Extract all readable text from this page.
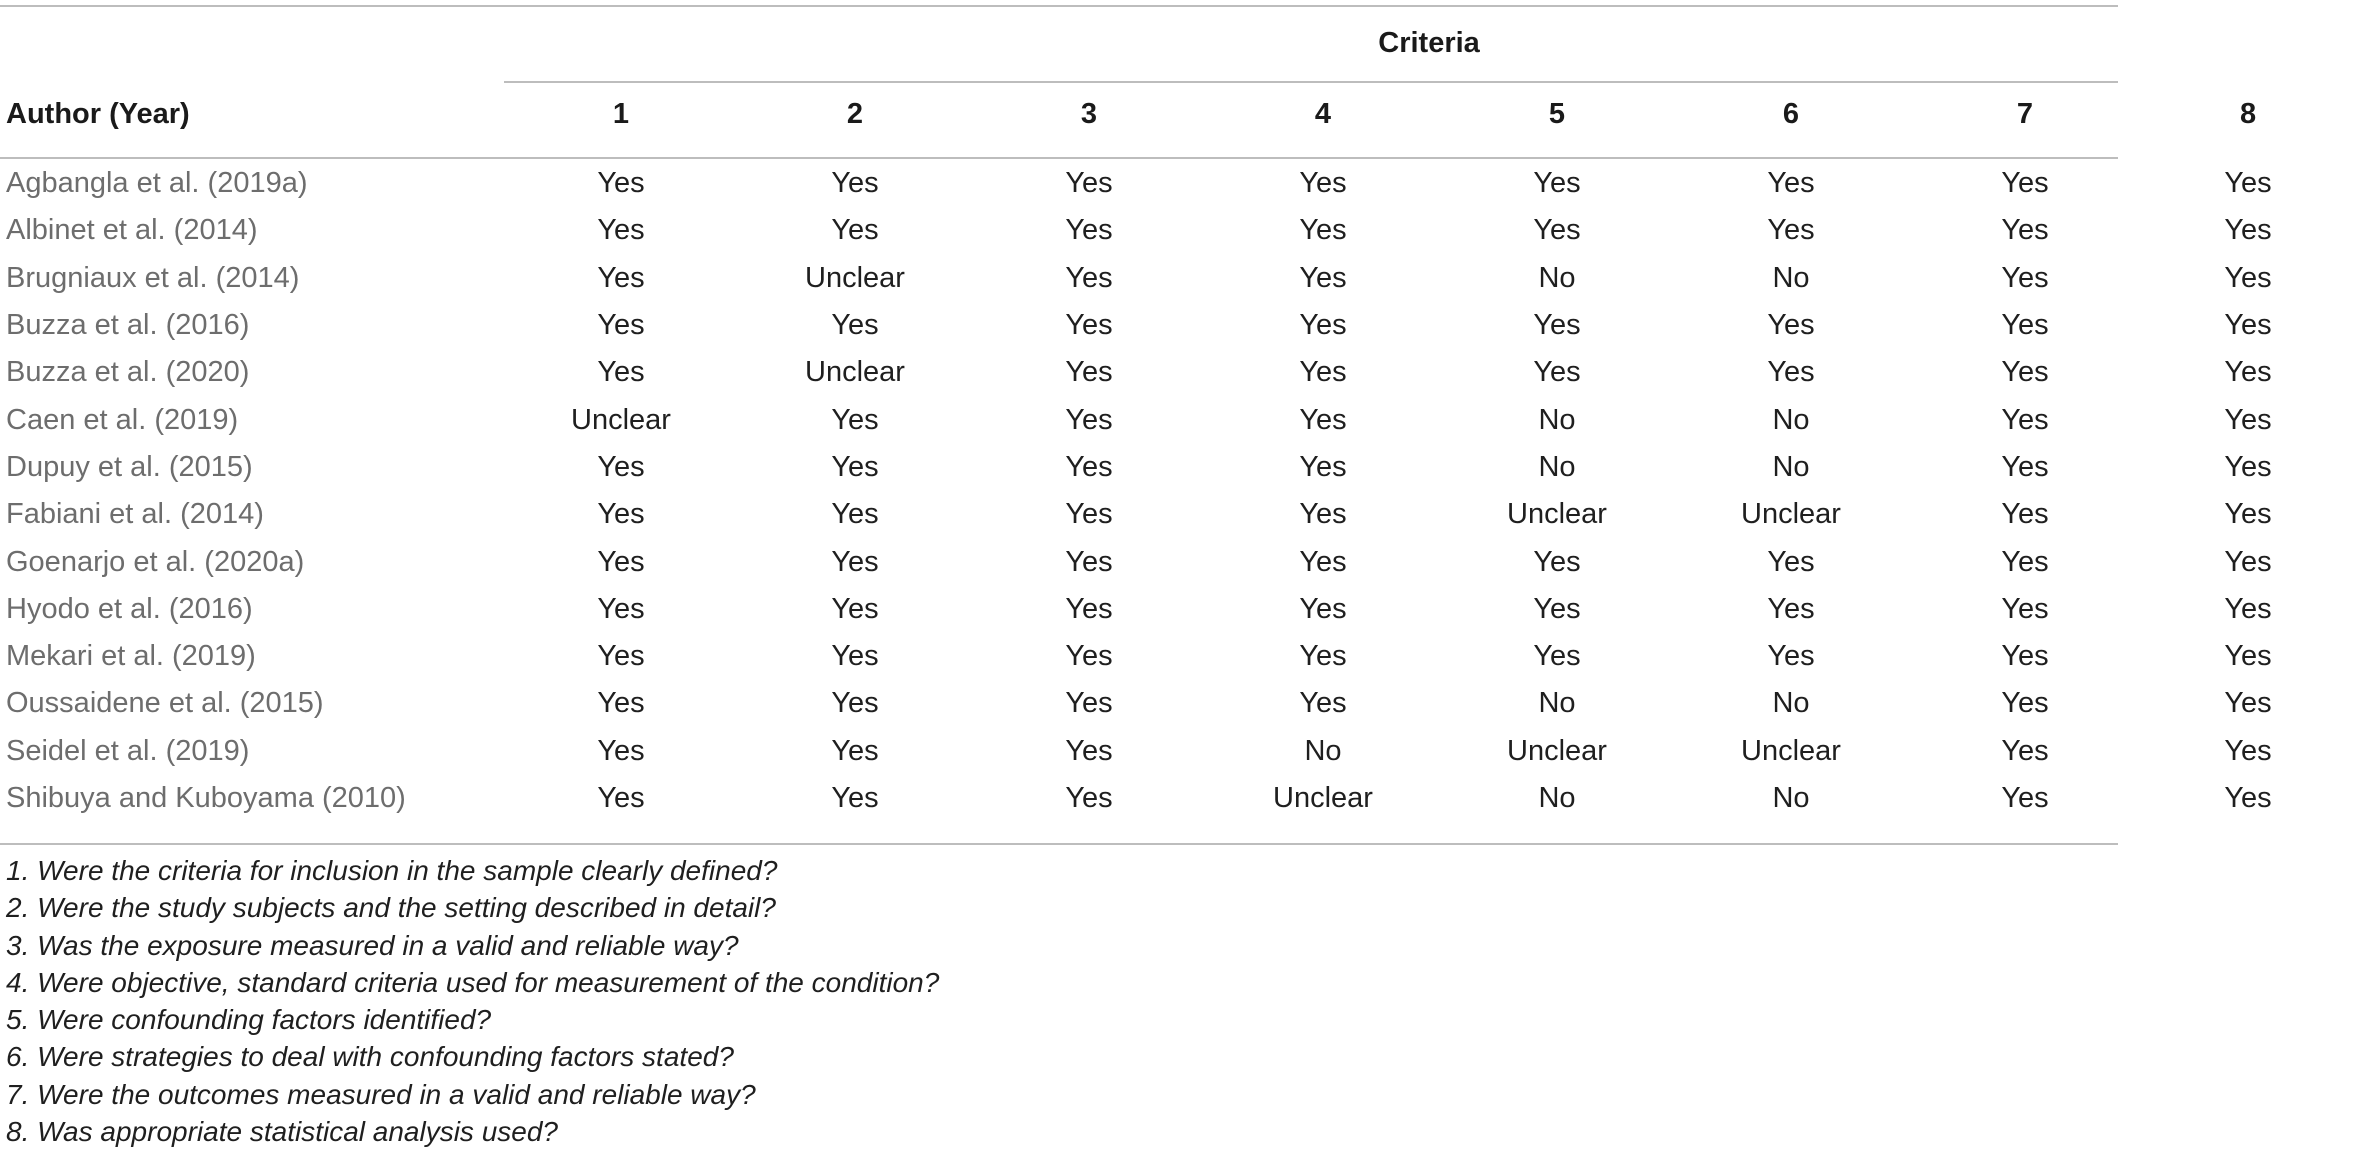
	Criteria							
Author (Year)	1	2	3	4	5	6	7	8
Agbangla et al. (2019a)	Yes	Yes	Yes	Yes	Yes	Yes	Yes	Yes
Albinet et al. (2014)	Yes	Yes	Yes	Yes	Yes	Yes	Yes	Yes
Brugniaux et al. (2014)	Yes	Unclear	Yes	Yes	No	No	Yes	Yes
Buzza et al. (2016)	Yes	Yes	Yes	Yes	Yes	Yes	Yes	Yes
Buzza et al. (2020)	Yes	Unclear	Yes	Yes	Yes	Yes	Yes	Yes
Caen et al. (2019)	Unclear	Yes	Yes	Yes	No	No	Yes	Yes
Dupuy et al. (2015)	Yes	Yes	Yes	Yes	No	No	Yes	Yes
Fabiani et al. (2014)	Yes	Yes	Yes	Yes	Unclear	Unclear	Yes	Yes
Goenarjo et al. (2020a)	Yes	Yes	Yes	Yes	Yes	Yes	Yes	Yes
Hyodo et al. (2016)	Yes	Yes	Yes	Yes	Yes	Yes	Yes	Yes
Mekari et al. (2019)	Yes	Yes	Yes	Yes	Yes	Yes	Yes	Yes
Oussaidene et al. (2015)	Yes	Yes	Yes	Yes	No	No	Yes	Yes
Seidel et al. (2019)	Yes	Yes	Yes	No	Unclear	Unclear	Yes	Yes
Shibuya and Kuboyama (2010)	Yes	Yes	Yes	Unclear	No	No	Yes	Yes
1. Were the criteria for inclusion in the sample clearly defined?
2. Were the study subjects and the setting described in detail?
3. Was the exposure measured in a valid and reliable way?
4. Were objective, standard criteria used for measurement of the condition?
5. Were confounding factors identified?
6. Were strategies to deal with confounding factors stated?
7. Were the outcomes measured in a valid and reliable way?
8. Was appropriate statistical analysis used?
